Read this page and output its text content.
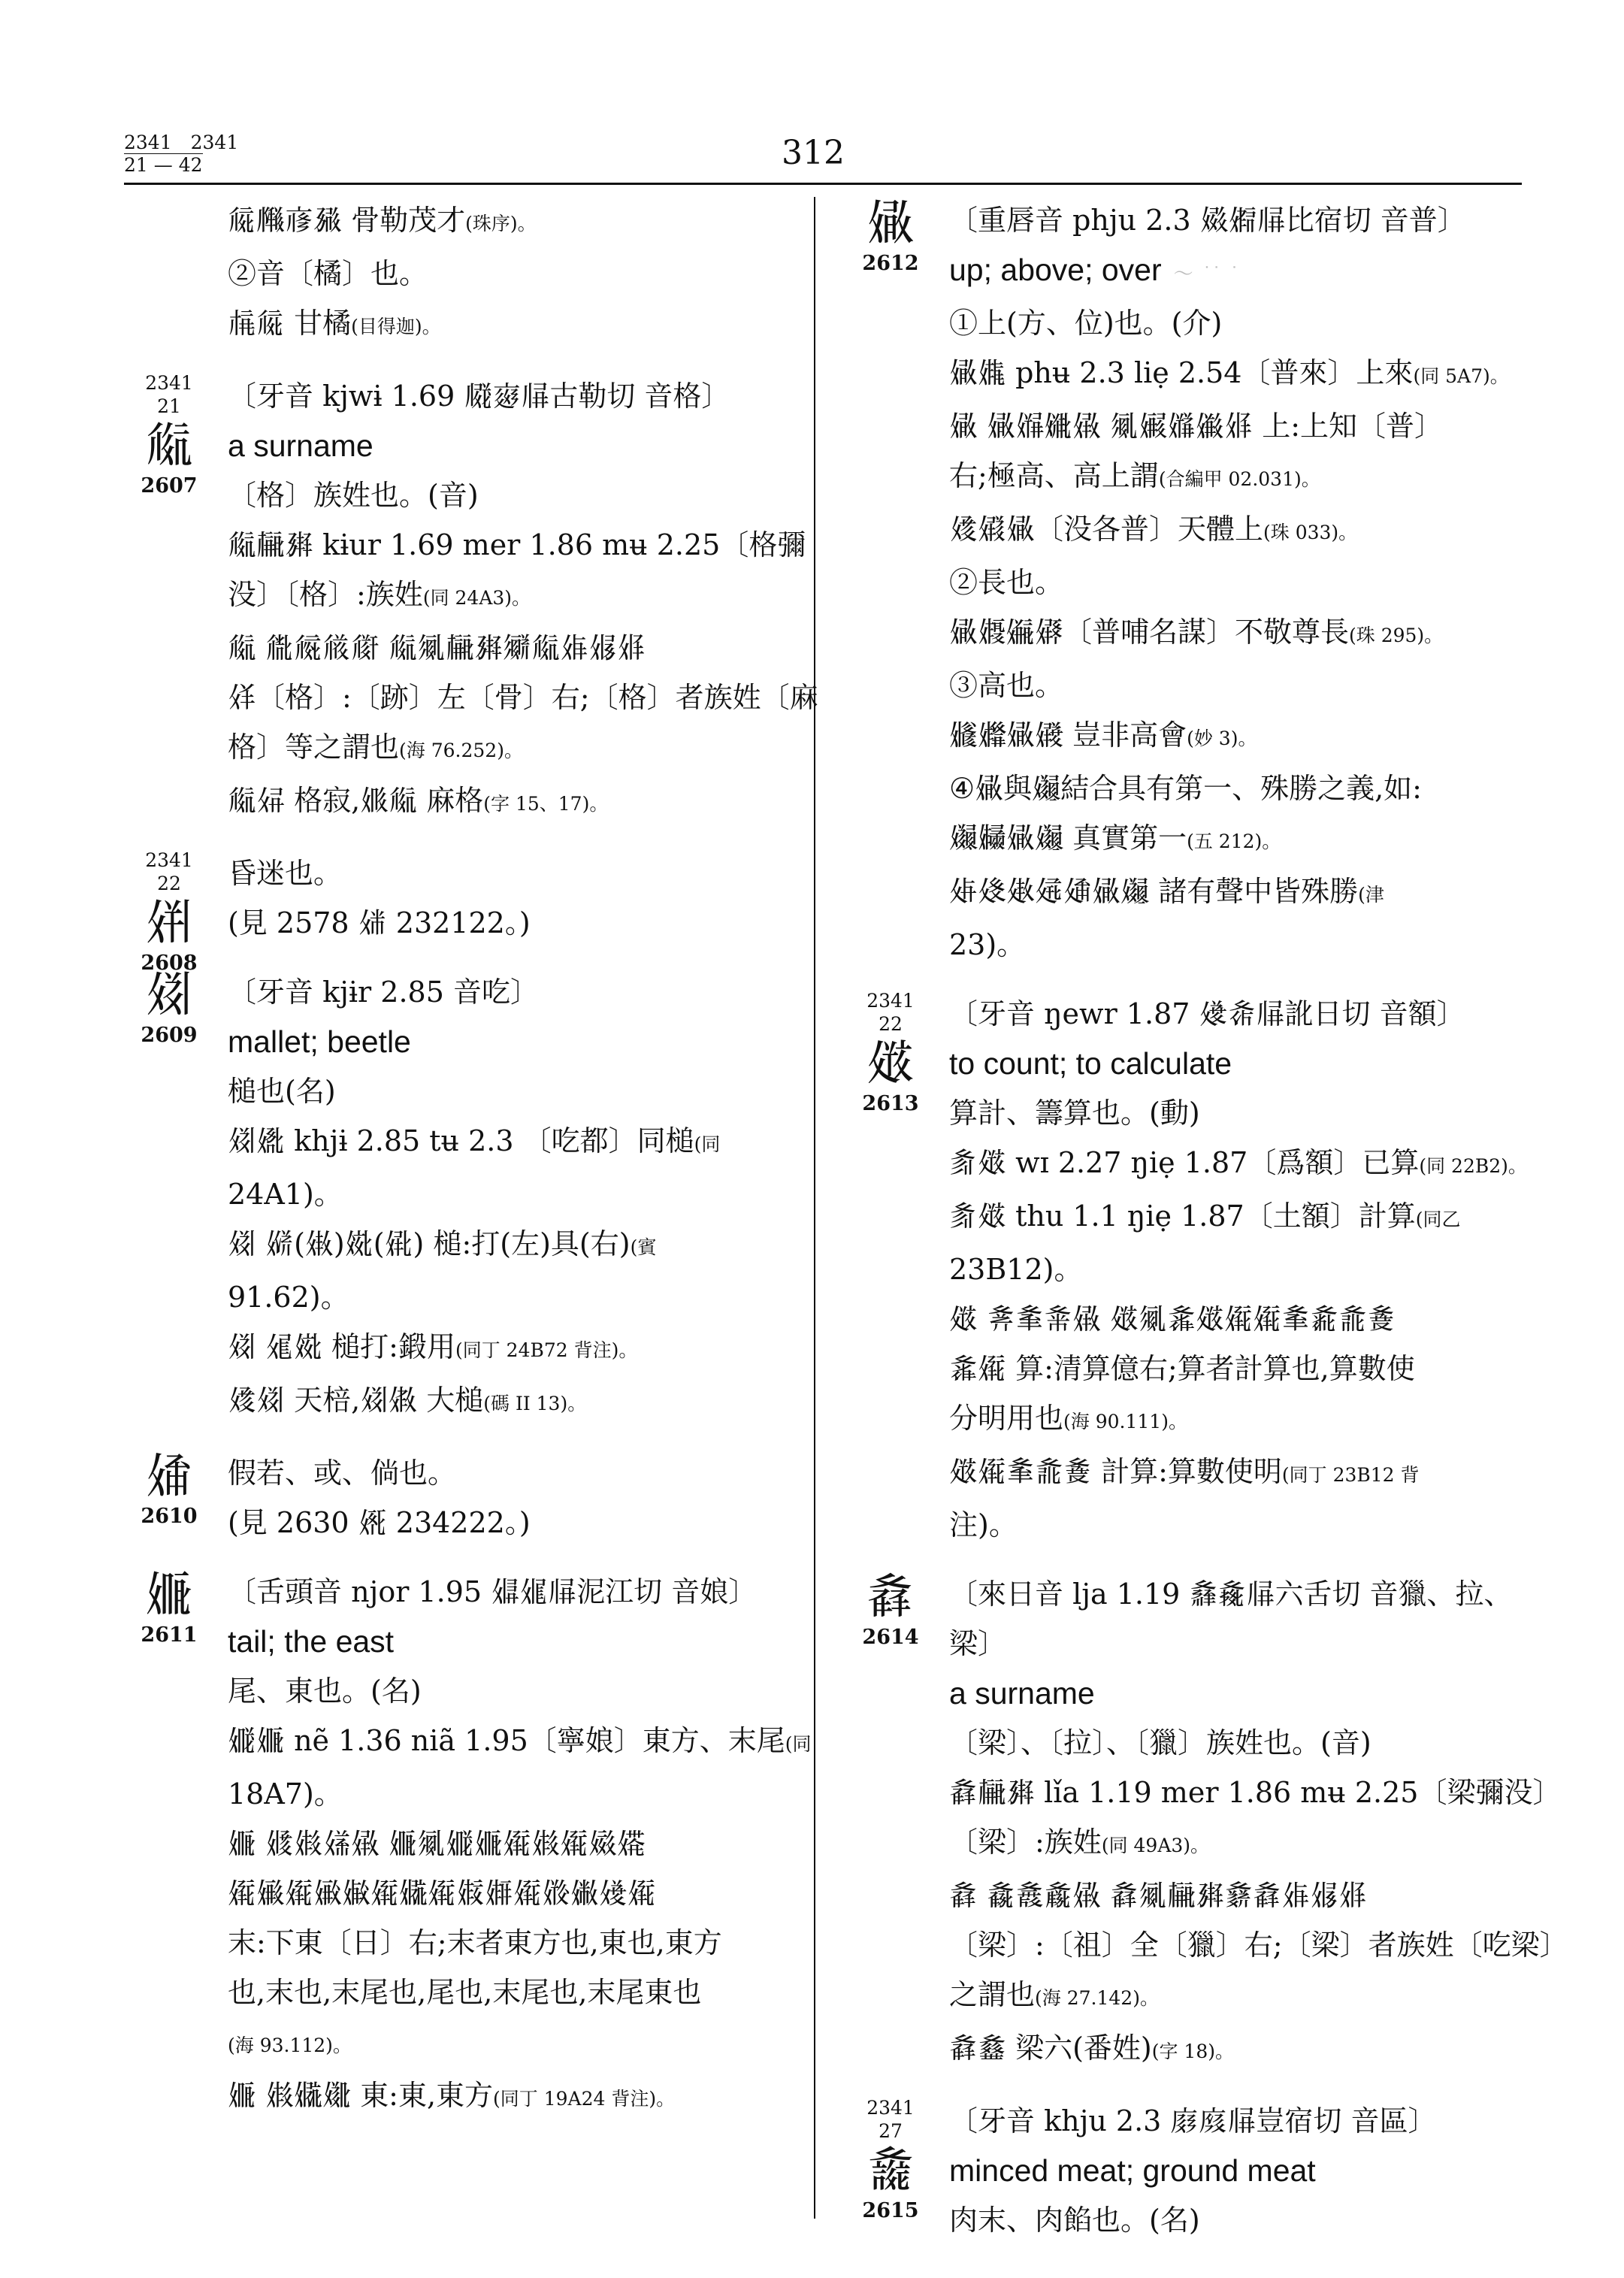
2341　2341
21 — 42	312
𗏁𗆼𗇋𗉭 骨勒茂才(珠序)。
②音〔橘〕也。
𗍫𗏁 甘橘(目得迦)。
2341
21
𗏂
2607
〔牙音 kjwɨ 1.69 𗆧𗇐𗅁古勒切 音格〕
a surname
〔格〕族姓也。(音)
𗏂𗍳𗉪 kɨur 1.69 mer 1.86 mʉ 2.25〔格彌
没〕〔格〕:族姓(同 24A3)。
𗏂 𗏃𗏄𗏅𗏆 𗏂𗏇𗍳𗉪𗏈𗏂𗏉𗏊𗏋
𗏌〔格〕:〔跡〕左〔骨〕右;〔格〕者族姓〔麻
格〕等之謂也(海 76.252)。
𗏂𗏍 格寂,𗏎𗏂 麻格(字 15、17)。
2341
22
𗏏
2608
昏迷也。
(見 2578 𗏐 232122。)
𗏑
2609
〔牙音 kjɨr 2.85 音吃〕
mallet; beetle
槌也(名)
𗏑𗏒 khjɨ 2.85 tʉ 2.3 〔吃都〕同槌(同
24A1)。
𗏑 𗏓(𗏔)𗏕(𗏖) 槌:打(左)具(右)(賓
91.62)。
𗏑 𗏗𗏕 槌打:鍛用(同丁 24B72 背注)。
𗏘𗏑 天棓,𗏑𗏙 大槌(碼 II 13)。
𗏚
2610
假若、或、倘也。
(見 2630 𗏛 234222。)
𗏜
2611
〔舌頭音 njor 1.95 𗏝𗏞𗅁泥江切 音娘〕
tail; the east
尾、東也。(名)
𗏟𗏜 nẽ 1.36 niã 1.95〔寧娘〕東方、末尾(同
18A7)。
𗏜 𗏠𗏡𗏢𗏣 𗏜𗏇𗏟𗏜𗏤𗏡𗏤𗏥𗏦
𗏤𗏧𗏤𗏨𗏩𗏤𗏪𗏤𗏫𗏬𗏤𗏭𗏮𗏯𗏤
末:下東〔日〕右;末者東方也,東也,東方
也,末也,末尾也,尾也,末尾也,末尾東也
(海 93.112)。
𗏜 𗏡𗏪𗏰 東:東,東方(同丁 19A24 背注)。
𗏱
2612
〔重唇音 phju 2.3 𗏲𗏳𗅁比宿切 音普〕
up; above; over ～ ˙˙ ˙
①上(方、位)也。(介)
𗏱𗏴 phʉ 2.3 liẹ 2.54〔普來〕上來(同 5A7)。
𗏱 𗏱𗏵𗏶𗏣 𗏇𗏷𗏸𗏹𗏋 上:上知〔普〕
右;極高、高上謂(合編甲 02.031)。
𗏘𗏺𗏱〔没各普〕天體上(珠 033)。
②長也。
𗏱𗏻𗏼𗏽〔普哺名謀〕不敬尊長(珠 295)。
③高也。
𗏾𗏿𗏱𗐀 豈非高會(妙 3)。
④𗏱與𗐁結合具有第一、殊勝之義,如:
𗐂𗐃𗏱𗐁 真實第一(五 212)。
𗐄𗐅𗐆𗐇𗐈𗏱𗐁 諸有聲中皆殊勝(津
23)。
2341
22
𗐉
2613
〔牙音 ŋewr 1.87 𗐊𗐋𗅁訛日切 音額〕
to count; to calculate
算計、籌算也。(動)
𗐌𗐉 wɪ 2.27 ŋiẹ 1.87〔爲額〕已算(同 22B2)。
𗐌𗐉 thu 1.1 ŋiẹ 1.87〔土額〕計算(同乙
23B12)。
𗐉 𗐍𗐎𗐏𗏣 𗐉𗏇𗐐𗐉𗏤𗏤𗐎𗐑𗐒𗐓
𗐐𗏤 算:清算億右;算者計算也,算數使
分明用也(海 90.111)。
𗐉𗏤𗐎𗐒𗐓 計算:算數使明(同丁 23B12 背
注)。
𗐔
2614
〔來日音 lja 1.19 𗐕𗐖𗅁六舌切 音獵、拉、
梁〕
a surname
〔梁〕、〔拉〕、〔獵〕族姓也。(音)
𗐔𗍳𗉪 lǐa 1.19 mer 1.86 mʉ 2.25〔梁彌没〕
〔梁〕:族姓(同 49A3)。
𗐔 𗐗𗐘𗐙𗏣 𗐔𗏇𗍳𗉪𗐚𗐔𗏉𗏊𗏋
〔梁〕:〔祖〕全〔獵〕右;〔梁〕者族姓〔吃梁〕
之謂也(海 27.142)。
𗐔𗐛 梁六(番姓)(字 18)。
2341
27
𗐜
2615
〔牙音 khju 2.3 𗐝𗐞𗅁豈宿切 音區〕
minced meat; ground meat
肉末、肉餡也。(名)
